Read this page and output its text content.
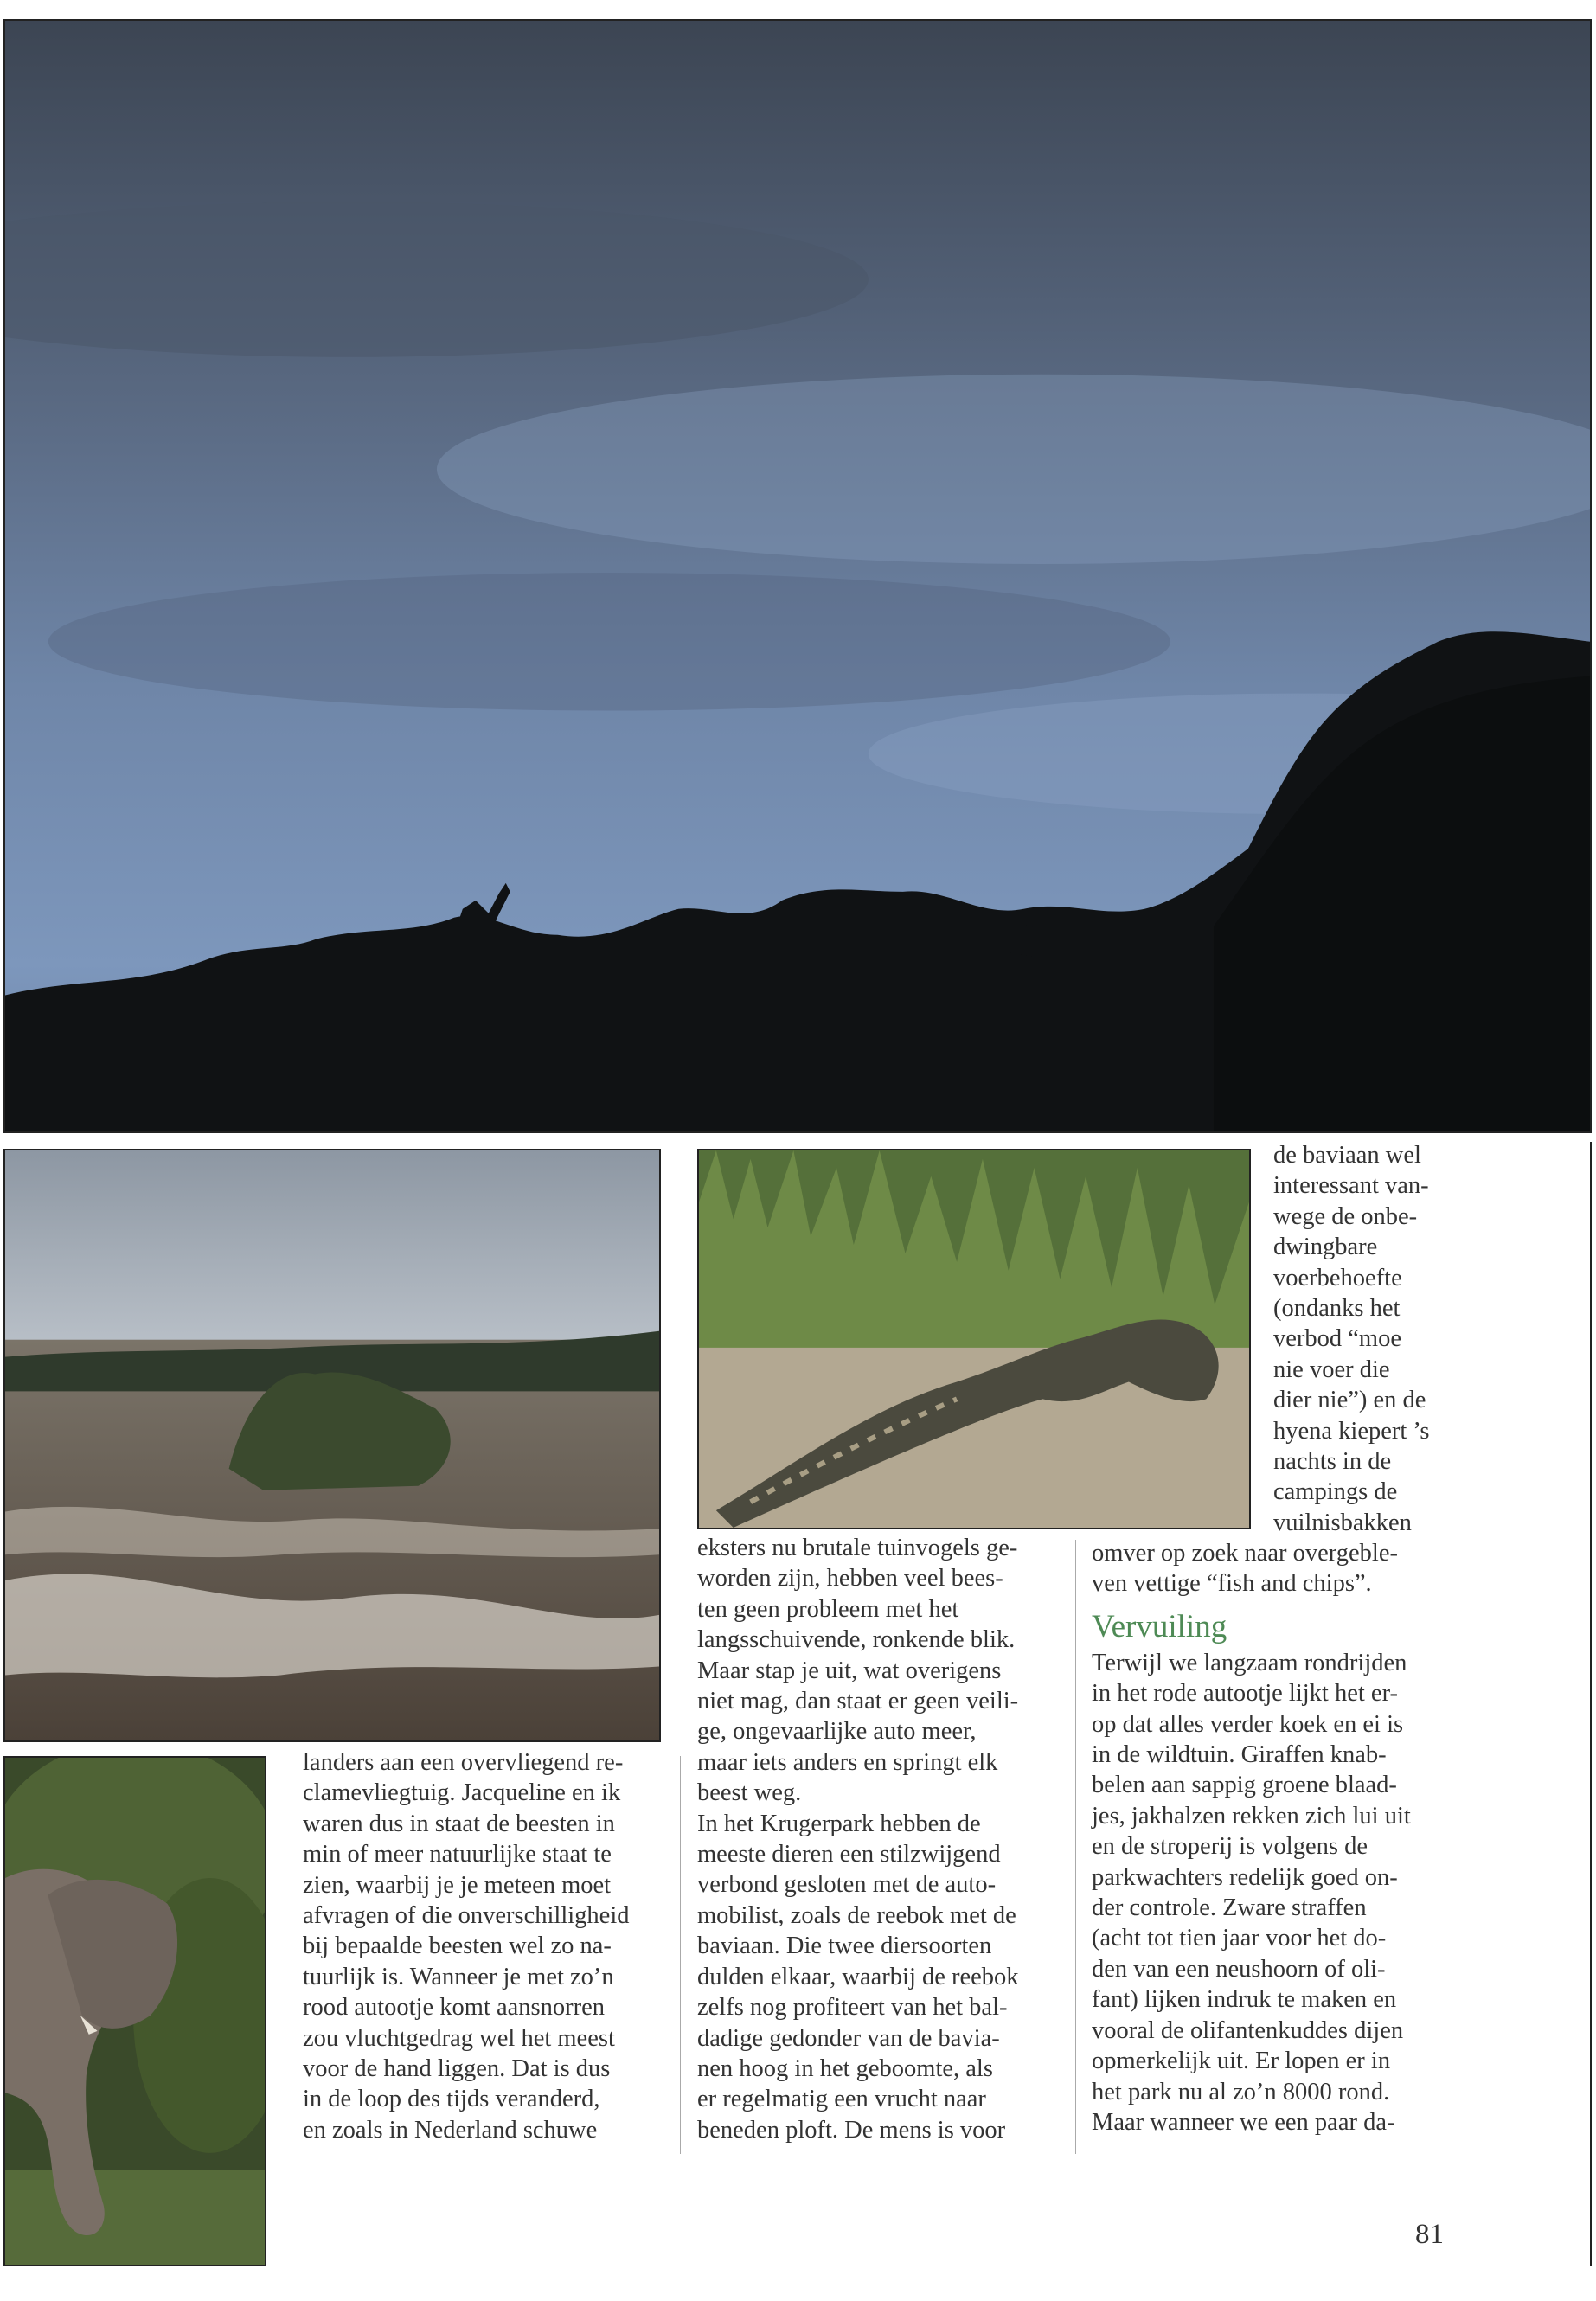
landers aan een overvliegend re-

clamevliegtuig. Jacqueline en ik

waren dus in staat de beesten in

min of meer natuurlijke staat te

zien, waarbij je je meteen moet

afvragen of die onverschilligheid

bij bepaalde beesten wel zo na-

tuurlijk is. Wanneer je met zo’n

rood autootje komt aansnorren

zou vluchtgedrag wel het meest

voor de hand liggen. Dat is dus

in de loop des tijds veranderd,

en zoals in Nederland schuwe

eksters nu brutale tuinvogels ge-

worden zijn, hebben veel bees-

ten geen probleem met het

langsschuivende, ronkende blik.

Maar stap je uit, wat overigens

niet mag, dan staat er geen veili-

ge, ongevaarlijke auto meer,

maar iets anders en springt elk

beest weg.

In het Krugerpark hebben de

meeste dieren een stilzwijgend

verbond gesloten met de auto-

mobilist, zoals de reebok met de

baviaan. Die twee diersoorten

dulden elkaar, waarbij de reebok

zelfs nog profiteert van het bal-

dadige gedonder van de bavia-

nen hoog in het geboomte, als

er regelmatig een vrucht naar

beneden ploft. De mens is voor

de baviaan wel

interessant van-

wege de onbe-

dwingbare

voerbehoefte

(ondanks het

verbod “moe

nie voer die

dier nie”) en de

hyena kiepert ’s

nachts in de

campings de

vuilnisbakken

omver op zoek naar overgeble-

ven vettige “fish and chips”.

Vervuiling

Terwijl we langzaam rondrijden

in het rode autootje lijkt het er-

op dat alles verder koek en ei is

in de wildtuin. Giraffen knab-

belen aan sappig groene blaad-

jes, jakhalzen rekken zich lui uit

en de stroperij is volgens de

parkwachters redelijk goed on-

der controle. Zware straffen

(acht tot tien jaar voor het do-

den van een neushoorn of oli-

fant) lijken indruk te maken en

vooral de olifantenkuddes dijen

opmerkelijk uit. Er lopen er in

het park nu al zo’n 8000 rond.

Maar wanneer we een paar da-

81
